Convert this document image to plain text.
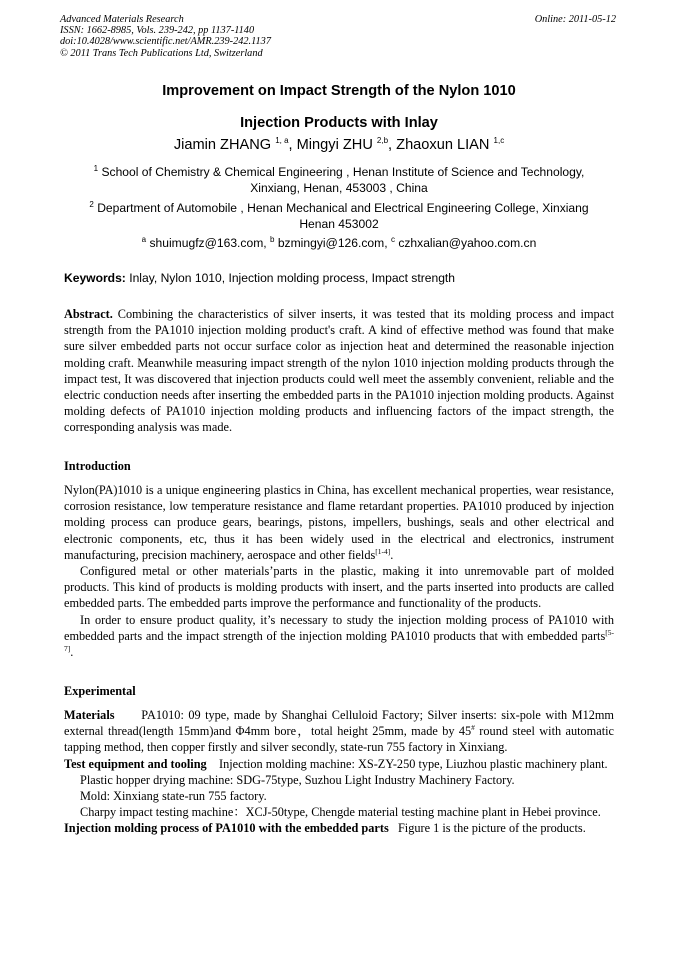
Advanced Materials Research
ISSN: 1662-8985, Vols. 239-242, pp 1137-1140
doi:10.4028/www.scientific.net/AMR.239-242.1137
© 2011 Trans Tech Publications Ltd, Switzerland
Online: 2011-05-12
Improvement on Impact Strength of the Nylon 1010
Injection Products with Inlay
Jiamin ZHANG $^{1, a}$, Mingyi ZHU $^{2,b}$, Zhaoxun LIAN $^{1,c}$
$^1$ School of Chemistry & Chemical Engineering , Henan Institute of Science and Technology,
Xinxiang, Henan, 453003 , China
$^2$ Department of Automobile , Henan Mechanical and Electrical Engineering College, Xinxiang
Henan 453002
$^a$ shuimugfz@163.com, $^b$ bzmingyi@126.com, $^c$ czhxalian@yahoo.com.cn
Keywords: Inlay, Nylon 1010, Injection molding process, Impact strength

Abstract. Combining the characteristics of silver inserts, it was tested that its molding process and impact strength from the PA1010 injection molding product's craft. A kind of effective method was found that make sure silver embedded parts not occur surface color as injection heat and determined the reasonable injection molding craft. Meanwhile measuring impact strength of the nylon 1010 injection molding products through the impact test, It was discovered that injection products could well meet the assembly convenient, reliable and the electric conduction needs after inserting the embedded parts in the PA1010 injection molding products. Against molding defects of PA1010 injection molding products and influencing factors of the impact strength, the corresponding analysis was made.

Introduction

Nylon(PA)1010 is a unique engineering plastics in China, has excellent mechanical properties, wear resistance, corrosion resistance, low temperature resistance and flame retardant properties. PA1010 produced by injection molding process can produce gears, bearings, pistons, impellers, bushings, seals and other electrical and electronic components, etc, thus it has been widely used in the electrical and electronics, instrument manufacturing, precision machinery, aerospace and other fields[1-4].

Configured metal or other materials’parts in the plastic, making it into unremovable part of molded products. This kind of products is molding products with insert, and the parts inserted into products are called embedded parts. The embedded parts improve the performance and functionality of the products.

In order to ensure product quality, it’s necessary to study the injection molding process of PA1010 with embedded parts and the impact strength of the injection molding PA1010 products that with embedded parts[5-7].

Experimental

Materials PA1010: 09 type, made by Shanghai Celluloid Factory; Silver inserts: six-pole with M12mm external thread(length 15mm)and Φ4mm bore，total height 25mm, made by 45# round steel with automatic tapping method, then copper firstly and silver secondly, state-run 755 factory in Xinxiang.

Test equipment and tooling Injection molding machine: XS-ZY-250 type, Liuzhou plastic machinery plant.

Plastic hopper drying machine: SDG-75type, Suzhou Light Industry Machinery Factory.

Mold: Xinxiang state-run 755 factory.

Charpy impact testing machine：XCJ-50type, Chengde material testing machine plant in Hebei province.

Injection molding process of PA1010 with the embedded parts Figure 1 is the picture of the products.
